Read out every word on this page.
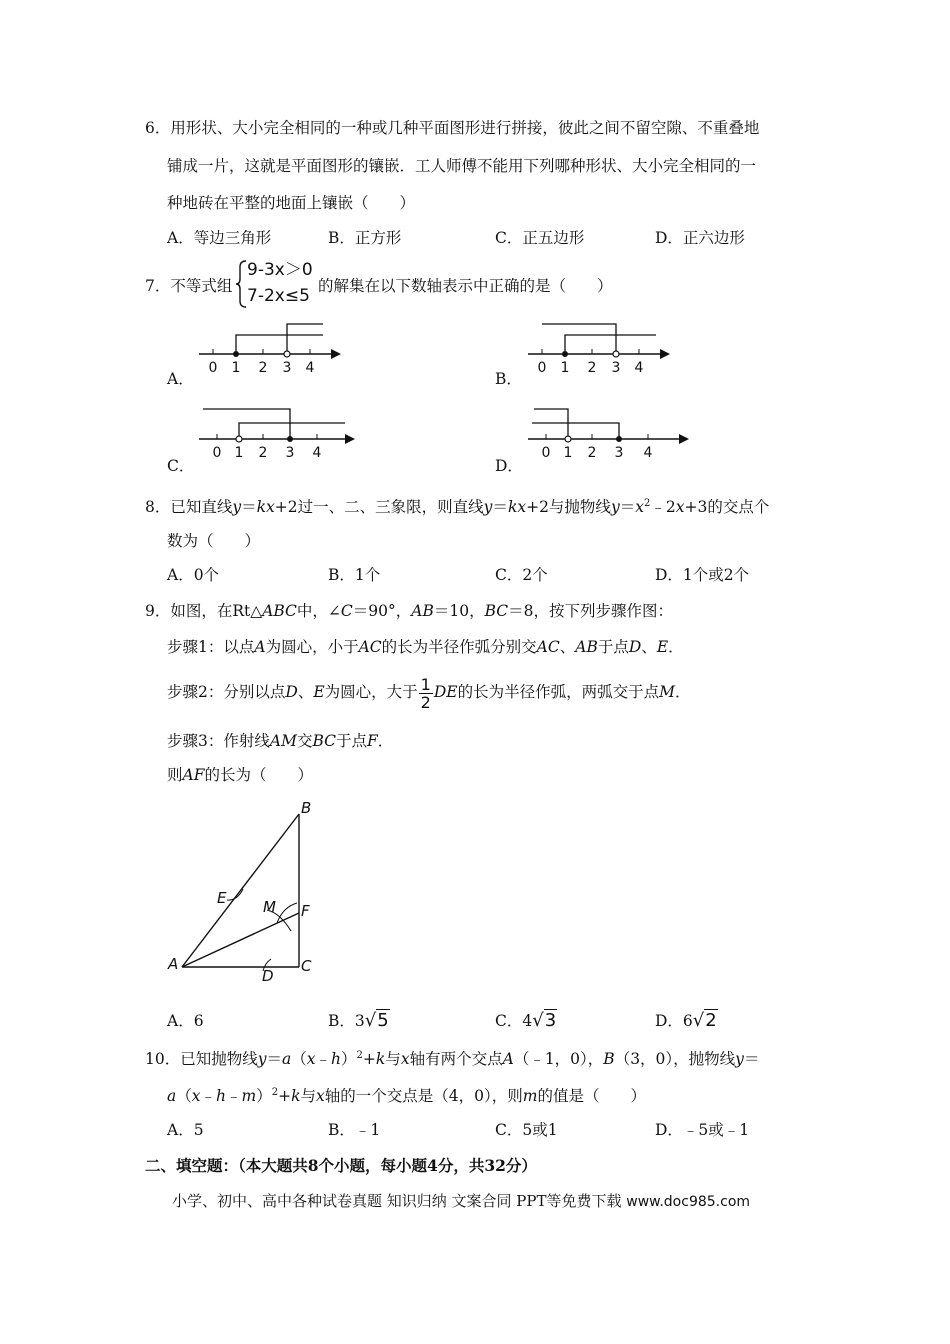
6．用形状、大小完全相同的一种或几种平面图形进行拼接，彼此之间不留空隙、不重叠地
铺成一片，这就是平面图形的镶嵌．工人师傅不能用下列哪种形状、大小完全相同的一
种地砖在平整的地面上镶嵌（　　）
A．等边三角形	B．正方形	C．正五边形	D．正六边形
7．不等式组
9-3x＞0
7-2x≤5 的解集在以下数轴表示中正确的是（　　）
A．
0 1 2 3 4
B．
0 1 2 3 4
C．
0 1 2 3 4
D．
0 1 2 3 4
8．已知直线y＝kx+2过一、二、三象限，则直线y＝kx+2与抛物线$y=x^2﹣2x+3$的交点个
数为（　　）
A．0个	B．1个	C．2个	D．1个或2个
9．如图，在Rt△ABC中，∠C＝90°，AB＝10，BC＝8，按下列步骤作图：
步骤1：以点A为圆心，小于AC的长为半径作弧分别交AC、AB于点D、E．
步骤2：分别以点D、E为圆心，大于 $\frac{1}{2}$ DE的长为半径作弧，两弧交于点M．
步骤3：作射线AM交BC于点F．
则AF的长为（　　）
B
E M F
A
D
C
A．6	B．3√5	C．4√3	D．6√2
10．已知抛物线y＝a（x﹣h）$^2$+k与x轴有两个交点A（﹣1，0），B（3，0），抛物线y＝
a（x﹣h﹣m）$^2$+k与x轴的一个交点是（4，0），则m的值是（　　）
A．5	B．﹣1	C．5或1	D．﹣5或﹣1
二、填空题：（本大题共8个小题，每小题4分，共32分）
小学、初中、高中各种试卷真题 知识归纳 文案合同 PPT等免费下载 www.doc985.com
